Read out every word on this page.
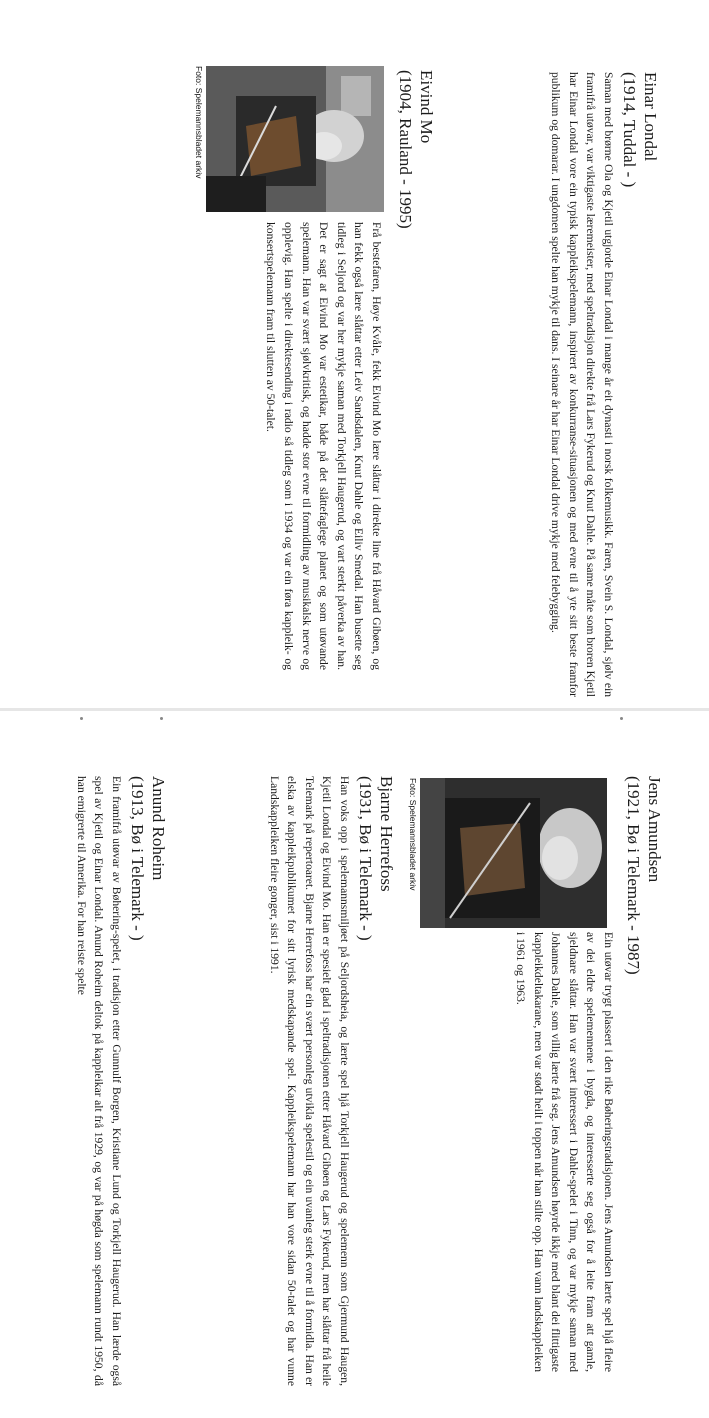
Einar Londal
(1914, Tuddal - )

Saman med brørne Ola og Kjetil utgjorde Einar Londal i mange år eit dynasti i norsk folkemusikk. Faren, Svein S. Londal, sjølv ein framifrå utøvar, var viktigaste læremeister, med speltradisjon direkte frå Lars Fykerud og Knut Dahle. På same måte som broren Kjetil har Einar Londal vore ein typisk kappleikspelemann, inspirert av konkurranse-situasjonen og med evne til å yte sitt beste framfor publikum og domarar. I ungdomen spelte han mykje til dans. I seinare år har Einar Londal drive mykje med felebygging.

Eivind Mo
(1904, Rauland - 1995)

Frå bestefaren, Høye Kvåle, fekk Eivind Mo lære slåttar i direkte line frå Håvard Gibøen, og han fekk også lære slåttar etter Leiv Sandsdalen, Knut Dahle og Eiliv Smedal. Han busette seg tidleg i Seljord og var her mykje saman med Torkjell Haugerud, og vart sterkt påverka av han. Det er sagt at Eivind Mo var estetikar, både på det slåttefaglege planet og som utøvande spelemann. Han var svært sjølvkritisk, og hadde stor evne til formidling av musikalsk nerve og opplevig. Han spelte i direktesending i radio så tidleg som i 1934 og var ein føra kappleik- og konsertspelemann fram til slutten av 50-talet.

Foto: Spelemannsbladet arkiv
Jens Amundsen
(1921, Bø i Telemark - 1987)

Ein utøvar trygt plassert i den rike Bøheringstradisjonen. Jens Amundsen lærte spel hjå fleire av dei eldre spelemennene i bygda, og interesserte seg også for å leite fram att gamle, sjeldnare slåttar. Han var svært interessert i Dahle-spelet i Tinn, og var mykje saman med Johannes Dahle, som villig lærte frå seg. Jens Amundsen høyrde ikkje med blant dei flittigaste kappleikdeltakarane, men var stødt heilt i toppen når han stilte opp. Han vann landskappleiken i 1961 og 1963.

Foto: Spelemannsbladet arkiv
Bjarne Herrefoss
(1931, Bø i Telemark - )

Han voks opp i spelemannsmiljøet på Seljordsheia, og lærte spel hjå Torkjell Haugerud og spelemenn som Gjermund Haugen, Kjetil Londal og Eivind Mo. Han er spesielt glad i speltradisjonen etter Håvard Gibøen og Lars Fykerud, men har slåttar frå heile Telemark på repertoaret. Bjarne Herrefoss har ein svært personleg utvikla spelestil og ein uvanleg sterk evne til å formidla. Han er elska av kappleikpublikumet for sitt lyrisk medskapande spel. Kappleikspelemann har han vore sidan 50-talet og har vunne Landskappleiken fleire gonger, sist i 1991.

Anund Roheim
(1913, Bø i Telemark - )

Ein framifrå utøvar av Bøhering-spelet, i tradisjon etter Gunnulf Borgen, Kristiane Lund og Torkjell Haugerud. Han lærde også spel av Kjetil og Einar Londal. Anund Roheim deltok på kappleikar alt frå 1929, og var på høgda som spelemann rundt 1950, då han emigrerte til Amerika. For han reiste spelte
